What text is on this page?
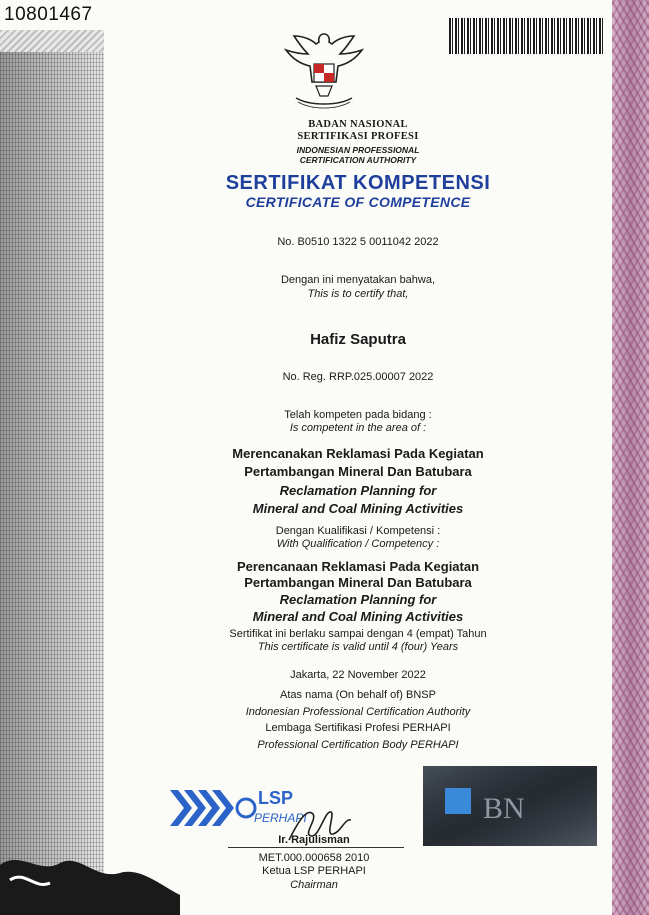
10801467
BADAN NASIONAL
SERTIFIKASI PROFESI
INDONESIAN PROFESSIONAL
CERTIFICATION AUTHORITY
SERTIFIKAT KOMPETENSI
CERTIFICATE OF COMPETENCE
No. B0510 1322 5 0011042 2022
Dengan ini menyatakan bahwa,
This is to certify that,
Hafiz Saputra
No. Reg. RRP.025.00007 2022
Telah kompeten pada bidang :
Is competent in the area of :
Merencanakan Reklamasi Pada Kegiatan
Pertambangan Mineral Dan Batubara
Reclamation Planning for
Mineral and Coal Mining Activities
Dengan Kualifikasi / Kompetensi :
With Qualification / Competency :
Perencanaan Reklamasi Pada Kegiatan
Pertambangan Mineral Dan Batubara
Reclamation Planning for
Mineral and Coal Mining Activities
Sertifikat ini berlaku sampai dengan 4 (empat) Tahun
This certificate is valid until 4 (four) Years
Jakarta, 22 November 2022
Atas nama (On behalf of) BNSP
Indonesian Professional Certification Authority
Lembaga Sertifikasi Profesi PERHAPI
Professional Certification Body PERHAPI
LSP
PERHAPI	BN
Ir. Rajulisman
MET.000.000658 2010
Ketua LSP PERHAPI
Chairman
